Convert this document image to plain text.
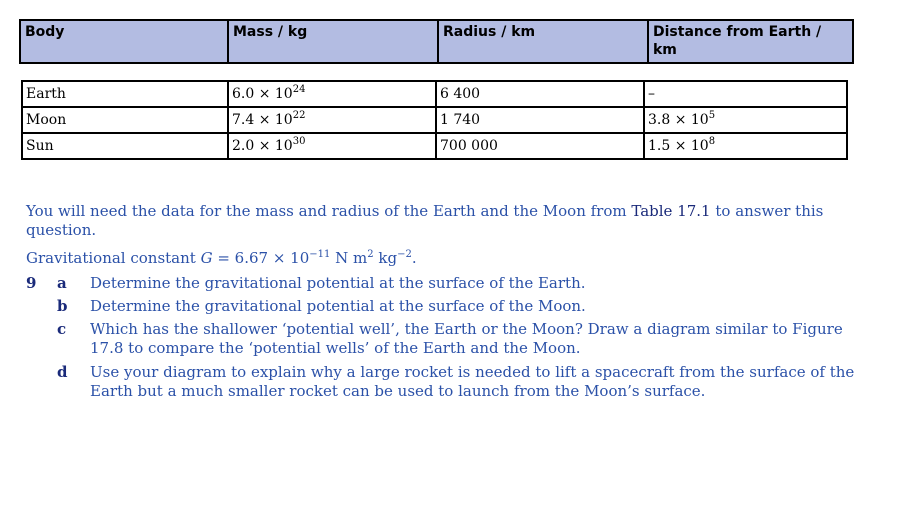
Body	Mass / kg	Radius / km	Distance from Earth / km
Earth	$6.0 \times 10^{24}$	6 400	–
Moon	$7.4 \times 10^{22}$	1 740	$3.8 \times 10^5$
Sun	$2.0 \times 10^{30}$	700 000	$1.5 \times 10^8$
You will need the data for the mass and radius of the Earth and the Moon from Table 17.1 to answer this question.
Gravitational constant $G = 6.67 \times 10^{-11}$ N $m^2$ $kg^{-2}$.
9 a Determine the gravitational potential at the surface of the Earth.
b Determine the gravitational potential at the surface of the Moon.
c	Which has the shallower ‘potential well’, the Earth or the Moon? Draw a diagram similar to Figure 17.8 to compare the ‘potential wells’ of the Earth and the Moon.
d Use your diagram to explain why a large rocket is needed to lift a spacecraft from the surface of the Earth but a much smaller rocket can be used to launch from the Moon’s surface.
